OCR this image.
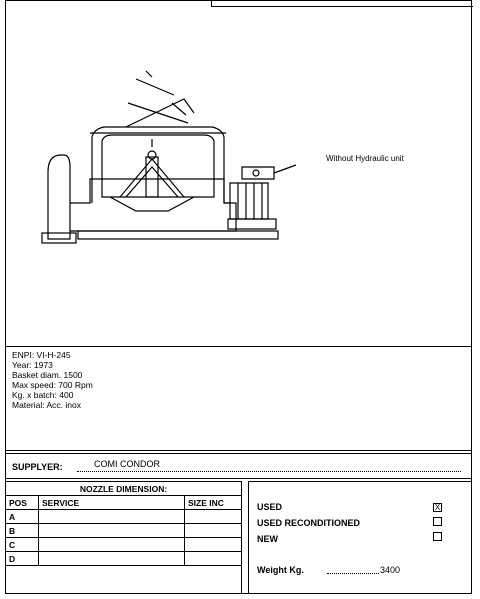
Without Hydraulic unit
ENPI: VI-H-245
Year: 1973
Basket diam. 1500
Max speed: 700 Rpm
Kg. x batch: 400
Material: Acc. inox
SUPPLYER:	COMI CONDOR
NOZZLE DIMENSION:		
POS	SERVICE	SIZE INC
A		
B		
C		
D		
USED	X
USED RECONDITIONED
NEW
Weight Kg.	3400
